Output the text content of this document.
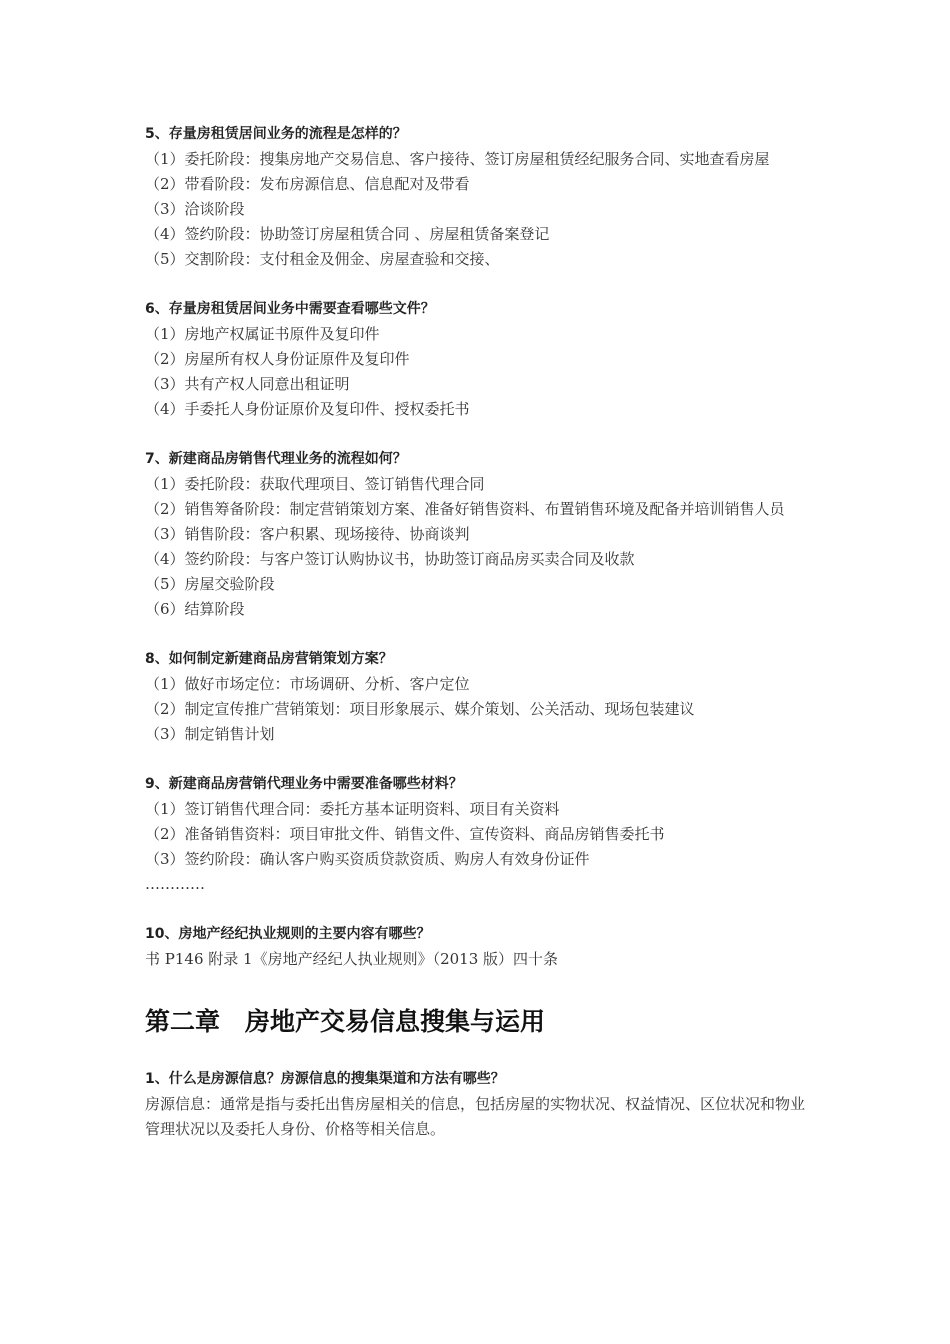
5、存量房租赁居间业务的流程是怎样的？

（1）委托阶段：搜集房地产交易信息、客户接待、签订房屋租赁经纪服务合同、实地查看房屋

（2）带看阶段：发布房源信息、信息配对及带看

（3）洽谈阶段

（4）签约阶段：协助签订房屋租赁合同 、房屋租赁备案登记

（5）交割阶段：支付租金及佣金、房屋查验和交接、

6、存量房租赁居间业务中需要查看哪些文件？

（1）房地产权属证书原件及复印件

（2）房屋所有权人身份证原件及复印件

（3）共有产权人同意出租证明

（4）手委托人身份证原价及复印件、授权委托书

7、新建商品房销售代理业务的流程如何？

（1）委托阶段：获取代理项目、签订销售代理合同

（2）销售筹备阶段：制定营销策划方案、准备好销售资料、布置销售环境及配备并培训销售人员

（3）销售阶段：客户积累、现场接待、协商谈判

（4）签约阶段：与客户签订认购协议书，协助签订商品房买卖合同及收款

（5）房屋交验阶段

（6）结算阶段

8、如何制定新建商品房营销策划方案？

（1）做好市场定位：市场调研、分析、客户定位

（2）制定宣传推广营销策划：项目形象展示、媒介策划、公关活动、现场包装建议

（3）制定销售计划

9、新建商品房营销代理业务中需要准备哪些材料？

（1）签订销售代理合同：委托方基本证明资料、项目有关资料

（2）准备销售资料：项目审批文件、销售文件、宣传资料、商品房销售委托书

（3）签约阶段：确认客户购买资质贷款资质、购房人有效身份证件

…………

10、房地产经纪执业规则的主要内容有哪些？

书 P146 附录 1《房地产经纪人执业规则》（2013 版）四十条

第二章　房地产交易信息搜集与运用

1、什么是房源信息？房源信息的搜集渠道和方法有哪些？

房源信息：通常是指与委托出售房屋相关的信息，包括房屋的实物状况、权益情况、区位状况和物业管理状况以及委托人身份、价格等相关信息。
